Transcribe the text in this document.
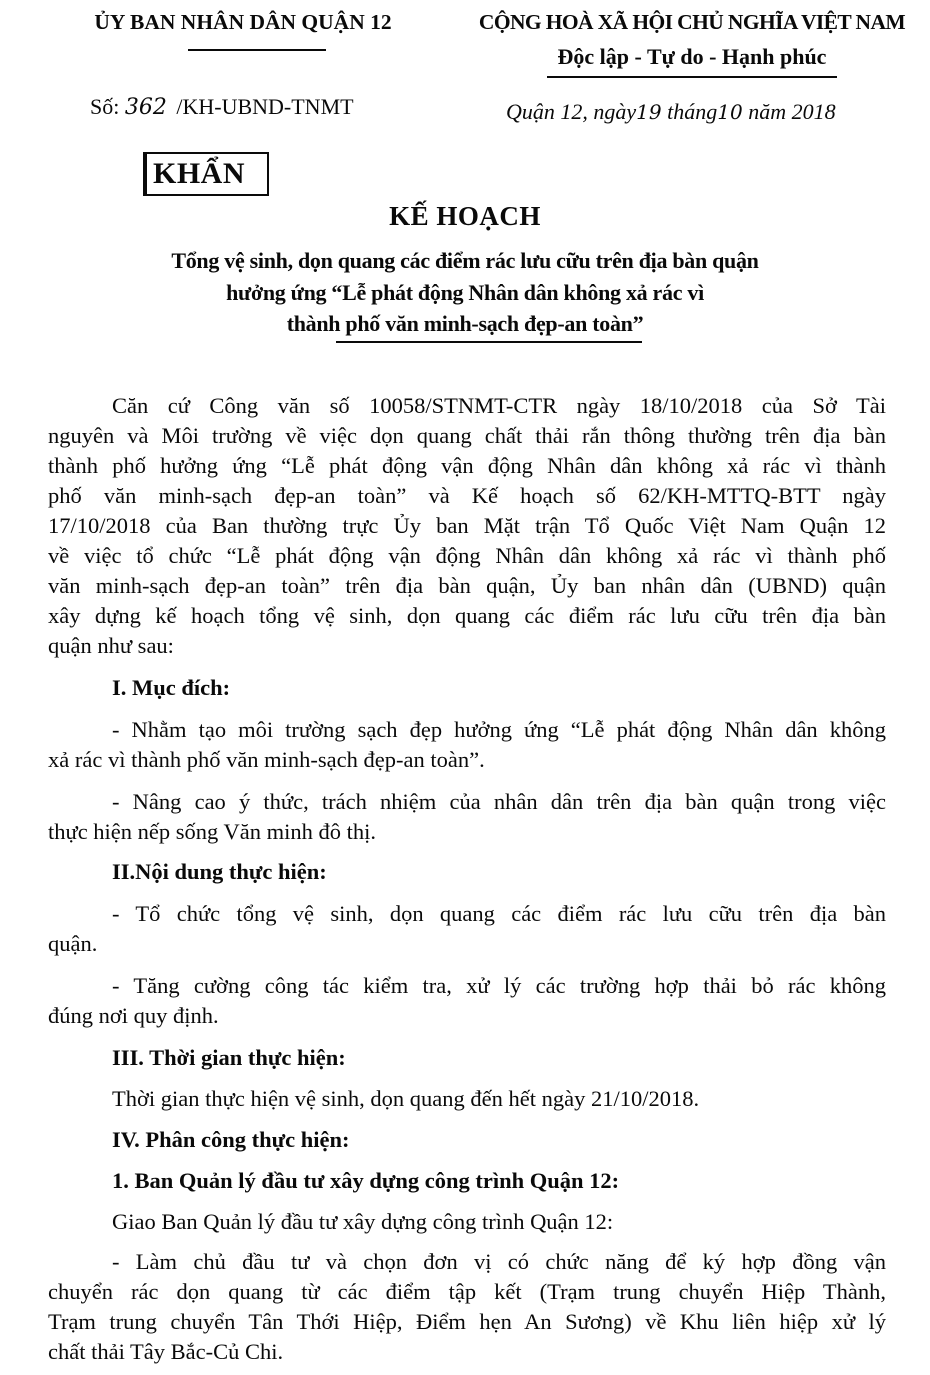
ỦY BAN NHÂN DÂN QUẬN 12	CỘNG HOÀ XÃ HỘI CHỦ NGHĨA VIỆT NAM
Độc lập - Tự do - Hạnh phúc
Số: 362 /KH-UBND-TNMT	Quận 12, ngày19 tháng10 năm 2018
KHẨN
KẾ HOẠCH
Tổng vệ sinh, dọn quang các điểm rác lưu cữu trên địa bàn quận
hưởng ứng “Lễ phát động Nhân dân không xả rác vì
thành phố văn minh-sạch đẹp-an toàn”
Căn cứ Công văn số 10058/STNMT-CTR ngày 18/10/2018 của Sở Tài
nguyên và Môi trường về việc dọn quang chất thải rắn thông thường trên địa bàn
thành phố hưởng ứng “Lễ phát động vận động Nhân dân không xả rác vì thành
phố văn minh-sạch đẹp-an toàn” và Kế hoạch số 62/KH-MTTQ-BTT ngày
17/10/2018 của Ban thường trực Ủy ban Mặt trận Tổ Quốc Việt Nam Quận 12
về việc tổ chức “Lễ phát động vận động Nhân dân không xả rác vì thành phố
văn minh-sạch đẹp-an toàn” trên địa bàn quận, Ủy ban nhân dân (UBND) quận
xây dựng kế hoạch tổng vệ sinh, dọn quang các điểm rác lưu cữu trên địa bàn
quận như sau:
I. Mục đích:
- Nhằm tạo môi trường sạch đẹp hưởng ứng “Lễ phát động Nhân dân không
xả rác vì thành phố văn minh-sạch đẹp-an toàn”.
- Nâng cao ý thức, trách nhiệm của nhân dân trên địa bàn quận trong việc
thực hiện nếp sống Văn minh đô thị.
II.Nội dung thực hiện:
- Tổ chức tổng vệ sinh, dọn quang các điểm rác lưu cữu trên địa bàn
quận.
- Tăng cường công tác kiểm tra, xử lý các trường hợp thải bỏ rác không
đúng nơi quy định.
III. Thời gian thực hiện:
Thời gian thực hiện vệ sinh, dọn quang đến hết ngày 21/10/2018.
IV. Phân công thực hiện:
1. Ban Quản lý đầu tư xây dựng công trình Quận 12:
Giao Ban Quản lý đầu tư xây dựng công trình Quận 12:
- Làm chủ đầu tư và chọn đơn vị có chức năng để ký hợp đồng vận
chuyển rác dọn quang từ các điểm tập kết (Trạm trung chuyển Hiệp Thành,
Trạm trung chuyển Tân Thới Hiệp, Điểm hẹn An Sương) về Khu liên hiệp xử lý
chất thải Tây Bắc-Củ Chi.
